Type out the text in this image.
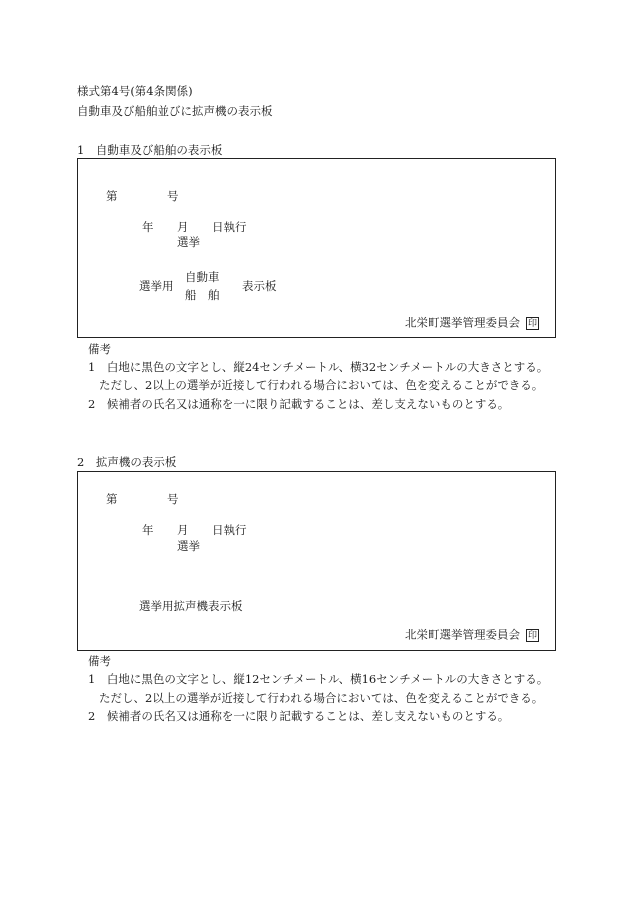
様式第4号(第4条関係)
自動車及び船舶並びに拡声機の表示板
1　自動車及び船舶の表示板
第	号
年 月 日執行
選挙
選挙用
自動車
船　舶
表示板
北栄町選挙管理委員会 印
備考
1　白地に黒色の文字とし、縦24センチメートル、横32センチメートルの大きさとする。
ただし、2以上の選挙が近接して行われる場合においては、色を変えることができる。
2　候補者の氏名又は通称を一に限り記載することは、差し支えないものとする。
2　拡声機の表示板
第	号
年 月 日執行
選挙
選挙用拡声機表示板
北栄町選挙管理委員会 印
備考
1　白地に黒色の文字とし、縦12センチメートル、横16センチメートルの大きさとする。
ただし、2以上の選挙が近接して行われる場合においては、色を変えることができる。
2　候補者の氏名又は通称を一に限り記載することは、差し支えないものとする。
